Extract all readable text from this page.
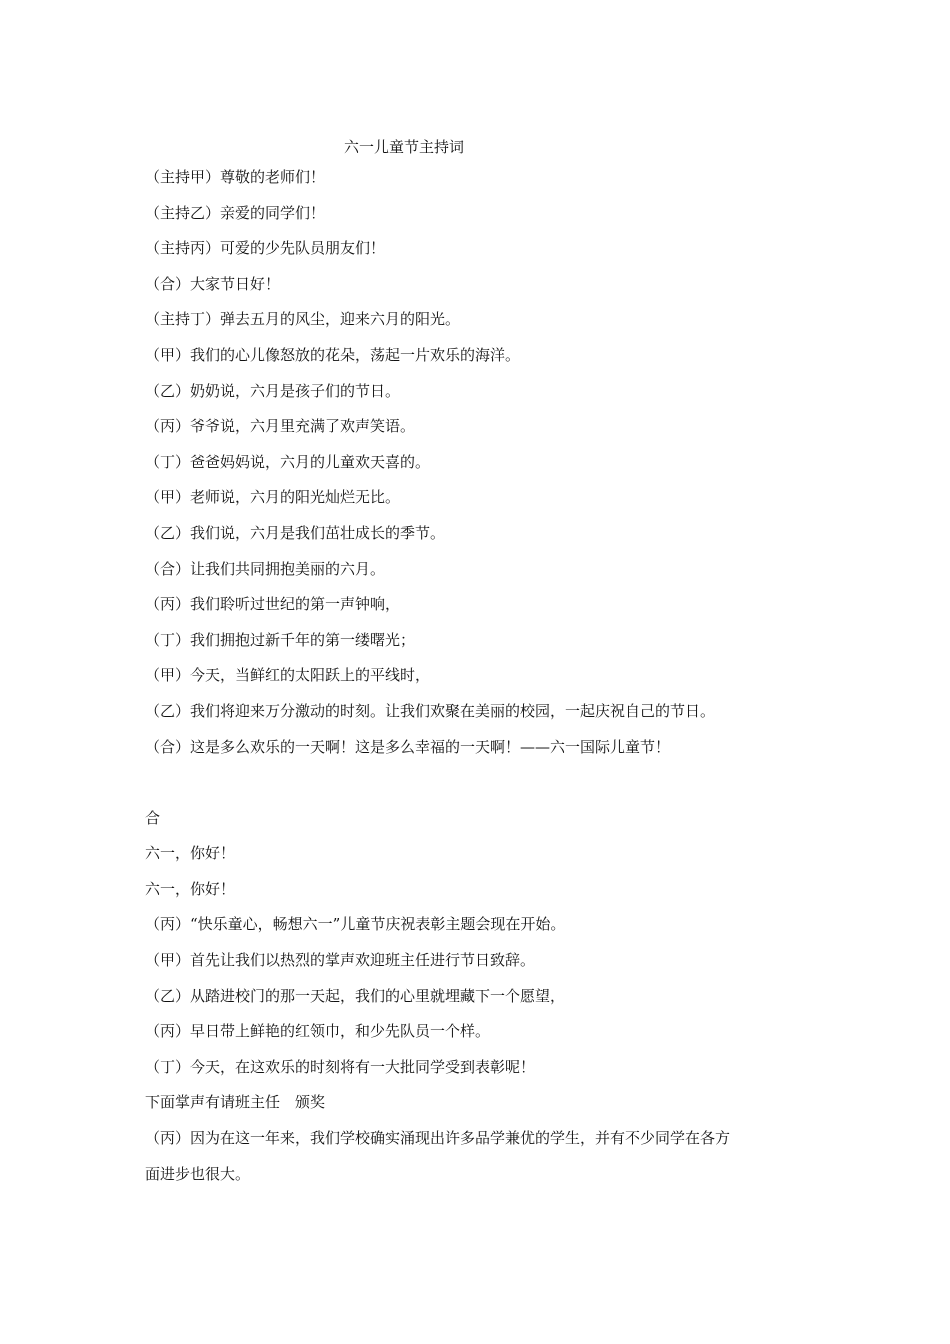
六一儿童节主持词

（主持甲）尊敬的老师们！

（主持乙）亲爱的同学们！

（主持丙）可爱的少先队员朋友们！

（合）大家节日好！

（主持丁）弹去五月的风尘，迎来六月的阳光。

（甲）我们的心儿像怒放的花朵，荡起一片欢乐的海洋。

（乙）奶奶说，六月是孩子们的节日。

（丙）爷爷说，六月里充满了欢声笑语。

（丁）爸爸妈妈说，六月的儿童欢天喜的。

（甲）老师说，六月的阳光灿烂无比。

（乙）我们说，六月是我们茁壮成长的季节。

（合）让我们共同拥抱美丽的六月。

（丙）我们聆听过世纪的第一声钟响，

（丁）我们拥抱过新千年的第一缕曙光；

（甲）今天，当鲜红的太阳跃上的平线时，

（乙）我们将迎来万分激动的时刻。让我们欢聚在美丽的校园，一起庆祝自己的节日。

（合）这是多么欢乐的一天啊！这是多么幸福的一天啊！——六一国际儿童节！

合

六一，你好！

六一，你好！

（丙）“快乐童心，畅想六一”儿童节庆祝表彰主题会现在开始。

（甲）首先让我们以热烈的掌声欢迎班主任进行节日致辞。

（乙）从踏进校门的那一天起，我们的心里就埋藏下一个愿望，

（丙）早日带上鲜艳的红领巾，和少先队员一个样。

（丁）今天，在这欢乐的时刻将有一大批同学受到表彰呢！

下面掌声有请班主任　颁奖

（丙）因为在这一年来，我们学校确实涌现出许多品学兼优的学生，并有不少同学在各方面进步也很大。
